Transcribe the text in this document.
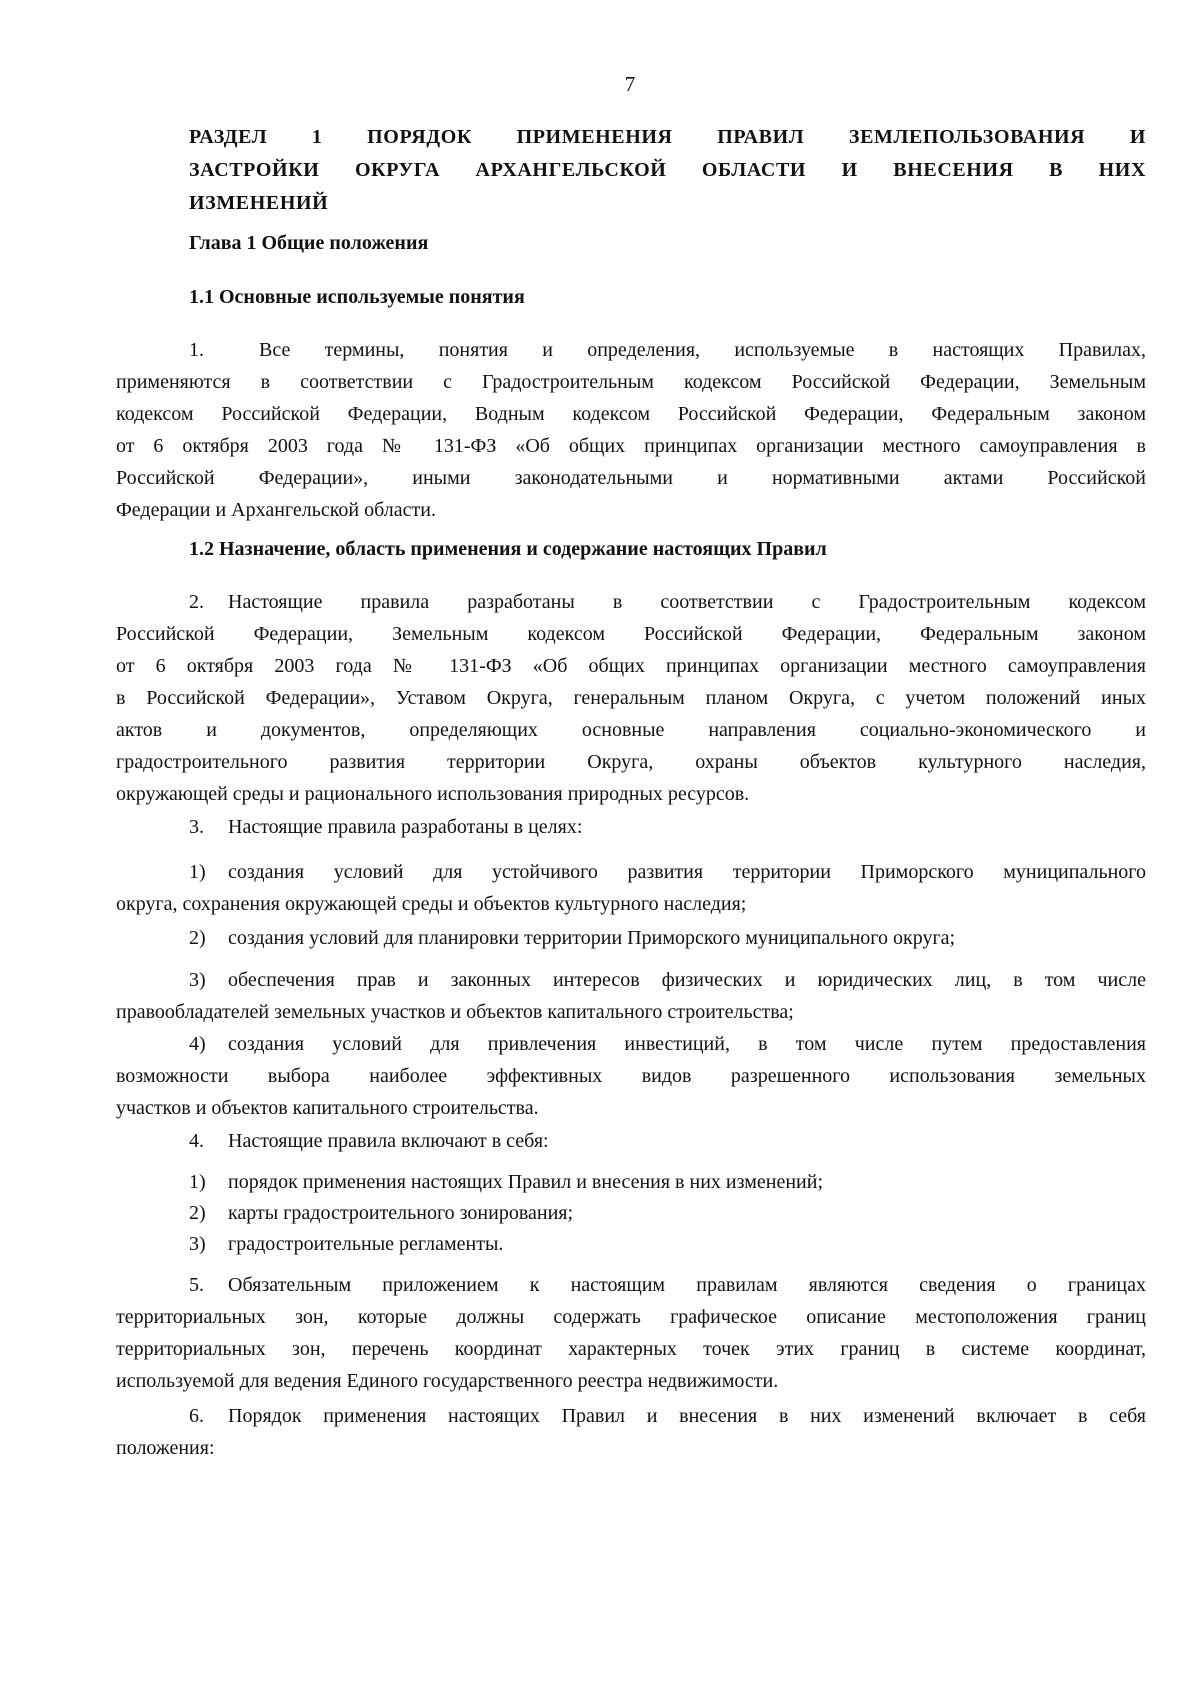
7
РАЗДЕЛ 1 ПОРЯДОК ПРИМЕНЕНИЯ ПРАВИЛ ЗЕМЛЕПОЛЬЗОВАНИЯ И
ЗАСТРОЙКИ ОКРУГА АРХАНГЕЛЬСКОЙ ОБЛАСТИ И ВНЕСЕНИЯ В НИХ
ИЗМЕНЕНИЙ
Глава 1 Общие положения
1.1 Основные используемые понятия
1.	Все термины, понятия и определения, используемые в настоящих Правилах,
применяются в соответствии с Градостроительным кодексом Российской Федерации, Земельным
кодексом Российской Федерации, Водным кодексом Российской Федерации, Федеральным законом
от 6 октября 2003 года № 131-ФЗ «Об общих принципах организации местного самоуправления в
Российской Федерации», иными законодательными и нормативными актами Российской
Федерации и Архангельской области.
1.2 Назначение, область применения и содержание настоящих Правил
2. Настоящие правила разработаны в соответствии с Градостроительным кодексом
Российской Федерации, Земельным кодексом Российской Федерации, Федеральным законом
от 6 октября 2003 года № 131-ФЗ «Об общих принципах организации местного самоуправления
в Российской Федерации», Уставом Округа, генеральным планом Округа, с учетом положений иных
актов и документов, определяющих основные направления социально-экономического и
градостроительного развития территории Округа, охраны объектов культурного наследия,
окружающей среды и рационального использования природных ресурсов.
3. Настоящие правила разработаны в целях:
1) создания условий для устойчивого развития территории Приморского муниципального
округа, сохранения окружающей среды и объектов культурного наследия;
2) создания условий для планировки территории Приморского муниципального округа;
3) обеспечения прав и законных интересов физических и юридических лиц, в том числе
правообладателей земельных участков и объектов капитального строительства;
4) создания условий для привлечения инвестиций, в том числе путем предоставления
возможности выбора наиболее эффективных видов разрешенного использования земельных
участков и объектов капитального строительства.
4. Настоящие правила включают в себя:
1) порядок применения настоящих Правил и внесения в них изменений;
2) карты градостроительного зонирования;
3) градостроительные регламенты.
5. Обязательным приложением к настоящим правилам являются сведения о границах
территориальных зон, которые должны содержать графическое описание местоположения границ
территориальных зон, перечень координат характерных точек этих границ в системе координат,
используемой для ведения Единого государственного реестра недвижимости.
6. Порядок применения настоящих Правил и внесения в них изменений включает в себя
положения:
